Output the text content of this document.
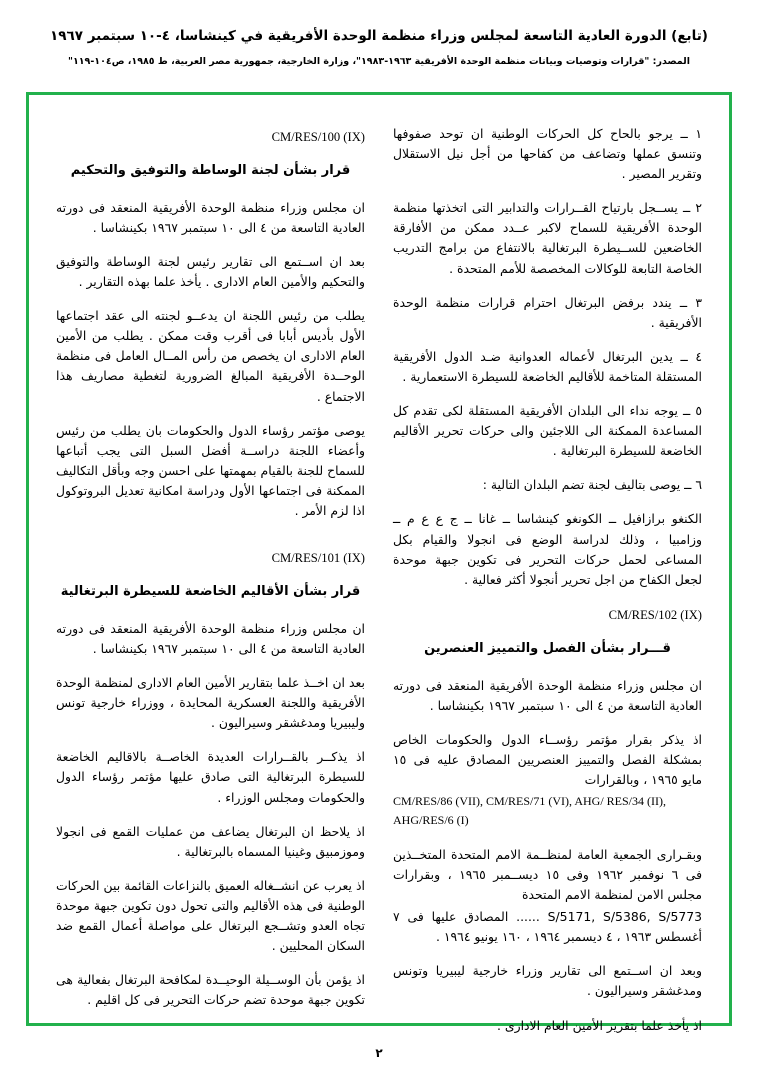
(تابع) الدورة العادية التاسعة لمجلس وزراء منظمة الوحدة الأفريقية في كينشاسا، ٤-١٠ سبتمبر ١٩٦٧
المصدر: "قرارات وتوصيات وبيانات منظمة الوحدة الأفريقية ١٩٦٣-١٩٨٣"، وزارة الخارجية، جمهورية مصر العربية، ط ١٩٨٥، ص١٠٤-١١٩"

١ ــ يرجو بالحاح كل الحركات الوطنية ان توحد صفوفها وتنسق عملها وتضاعف من كفاحها من أجل نيل الاستقلال وتقرير المصير .

٢ ــ يســجل بارتياح القــرارات والتدابير التى اتخذتها منظمة الوحدة الأفريقية للسماح لاكبر عــدد ممكن من الأفارقة الخاضعين للســيطرة البرتغالية بالانتفاع من برامج التدريب الخاصة التابعة للوكالات المخصصة للأمم المتحدة .

٣ ــ يندد برفض البرتغال احترام قرارات منظمة الوحدة الأفريقية .

٤ ــ يدين البرتغال لأعماله العدوانية ضـد الدول الأفريقية المستقلة المتاخمة للأقاليم الخاضعة للسيطرة الاستعمارية .

٥ ــ يوجه نداء الى البلدان الأفريقية المستقلة لكى تقدم كل المساعدة الممكنة الى اللاجئين والى حركات تحرير الأقاليم الخاضعة للسيطرة البرتغالية .

٦ ــ يوصى بتاليف لجنة تضم البلدان التالية :

الكنغو برازافيل ــ الكونغو كينشاسا ــ غانا ــ ج ع ع م ــ وزامبيا ، وذلك لدراسة الوضع فى انجولا والقيام بكل المساعى لحمل حركات التحرير فى تكوين جبهة موحدة لجعل الكفاح من اجل تحرير أنجولا أكثر فعالية .

CM/RES/102 (IX)
قـــرار بشأن الفصل والتمييز العنصرين

ان مجلس وزراء منظمة الوحدة الأفريقية المنعقد فى دورته العادية التاسعة من ٤ الى ١٠ سبتمبر ١٩٦٧ بكينشاسا .

اذ يذكر بقرار مؤتمر رؤســاء الدول والحكومات الخاص بمشكلة الفصل والتمييز العنصريين المصادق عليه فى ١٥ مايو ١٩٦٥ ، وبالقرارات

CM/RES/86 (VII), CM/RES/71 (VI), AHG/ RES/34 (II), AHG/RES/6 (I)

وبقـرارى الجمعية العامة لمنظــمة الامم المتحدة المتخــذين فى ٦ نوفمبر ١٩٦٢ وفى ١٥ ديســمبر ١٩٦٥ ، وبقرارات مجلس الامن لمنظمة الامم المتحدة

S/5171, S/5386, S/5773 ...... المصادق عليها فى ٧ أغسطس ١٩٦٣ ، ٤ ديسمبر ١٩٦٤ ، ١٦٠ يونيو ١٩٦٤ .

وبعد ان اســتمع الى تقارير وزراء خارجية ليبيريا وتونس ومدغشقر وسيراليون .

اذ يأخذ علما بتقرير الأمين العام الادارى .

CM/RES/100 (IX)
قرار بشأن لجنة الوساطة والتوفيق والتحكيم

ان مجلس وزراء منظمة الوحدة الأفريقية المنعقد فى دورته العادية التاسعة من ٤ الى ١٠ سبتمبر ١٩٦٧ بكينشاسا .

بعد ان اســتمع الى تقارير رئيس لجنة الوساطة والتوفيق والتحكيم والأمين العام الادارى . يأخذ علما بهذه التقارير .

يطلب من رئيس اللجنة ان يدعــو لجنته الى عقد اجتماعها الأول بأديس أبابا فى أقرب وقت ممكن . يطلب من الأمين العام الادارى ان يخصص من رأس المــال العامل فى منظمة الوحــدة الأفريقية المبالغ الضرورية لتغطية مصاريف هذا الاجتماع .

يوصى مؤتمر رؤساء الدول والحكومات بان يطلب من رئيس وأعضاء اللجنة دراســة أفضل السبل التى يجب أتباعها للسماح للجنة بالقيام بمهمتها على احسن وجه وبأقل التكاليف الممكنة فى اجتماعها الأول ودراسة امكانية تعديل البروتوكول اذا لزم الأمر .

CM/RES/101 (IX)
قرار بشأن الأقاليم الخاضعة للسيطرة البرتغالية

ان مجلس وزراء منظمة الوحدة الأفريقية المنعقد فى دورته العادية التاسعة من ٤ الى ١٠ سبتمبر ١٩٦٧ بكينشاسا .

بعد ان اخــذ علما بتقارير الأمين العام الادارى لمنظمة الوحدة الأفريقية واللجنة العسكرية المحايدة ، ووزراء خارجية تونس وليبيريا ومدغشقر وسيراليون .

اذ يذكــر بالقــرارات العديدة الخاصــة بالاقاليم الخاضعة للسيطرة البرتغالية التى صادق عليها مؤتمر رؤساء الدول والحكومات ومجلس الوزراء .

اذ يلاحظ ان البرتغال يضاعف من عمليات القمع فى انجولا وموزمبيق وغينيا المسماه بالبرتغالية .

اذ يعرب عن انشــغاله العميق بالنزاعات القائمة بين الحركات الوطنية فى هذه الأقاليم والتى تحول دون تكوين جبهة موحدة تجاه العدو وتشــجع البرتغال على مواصلة أعمال القمع ضد السكان المحليين .

اذ يؤمن بأن الوســيلة الوحيــدة لمكافحة البرتغال بفعالية هى تكوين جبهة موحدة تضم حركات التحرير فى كل اقليم .

٢
